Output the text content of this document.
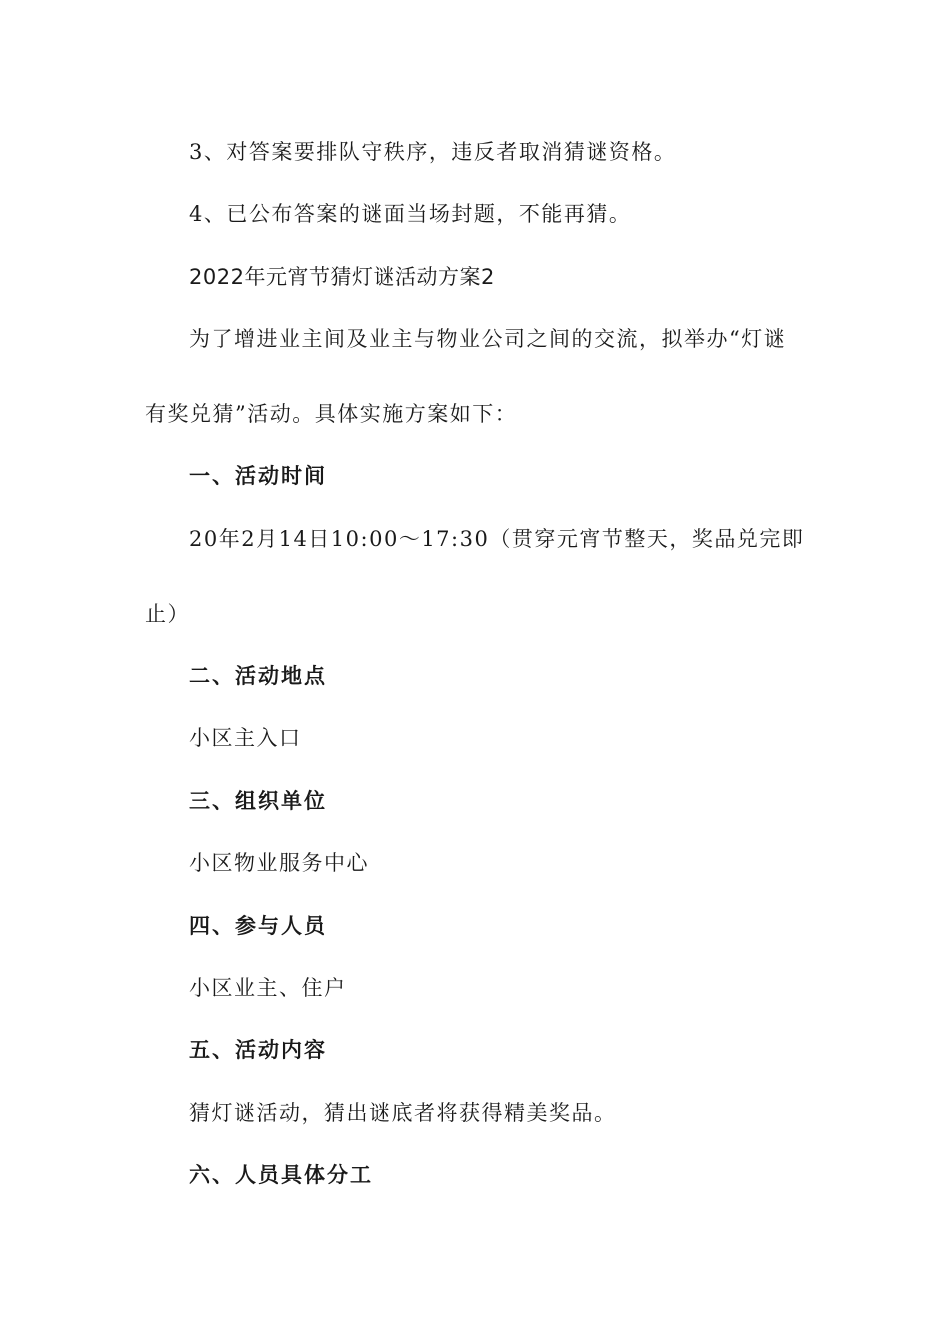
3、对答案要排队守秩序，违反者取消猜谜资格。

4、已公布答案的谜面当场封题，不能再猜。

2022年元宵节猜灯谜活动方案2

为了增进业主间及业主与物业公司之间的交流，拟举办“灯谜

有奖兑猜”活动。具体实施方案如下：

一、活动时间

20年2月14日10:00～17:30（贯穿元宵节整天，奖品兑完即

止）

二、活动地点

小区主入口

三、组织单位

小区物业服务中心

四、参与人员

小区业主、住户

五、活动内容

猜灯谜活动，猜出谜底者将获得精美奖品。

六、人员具体分工
